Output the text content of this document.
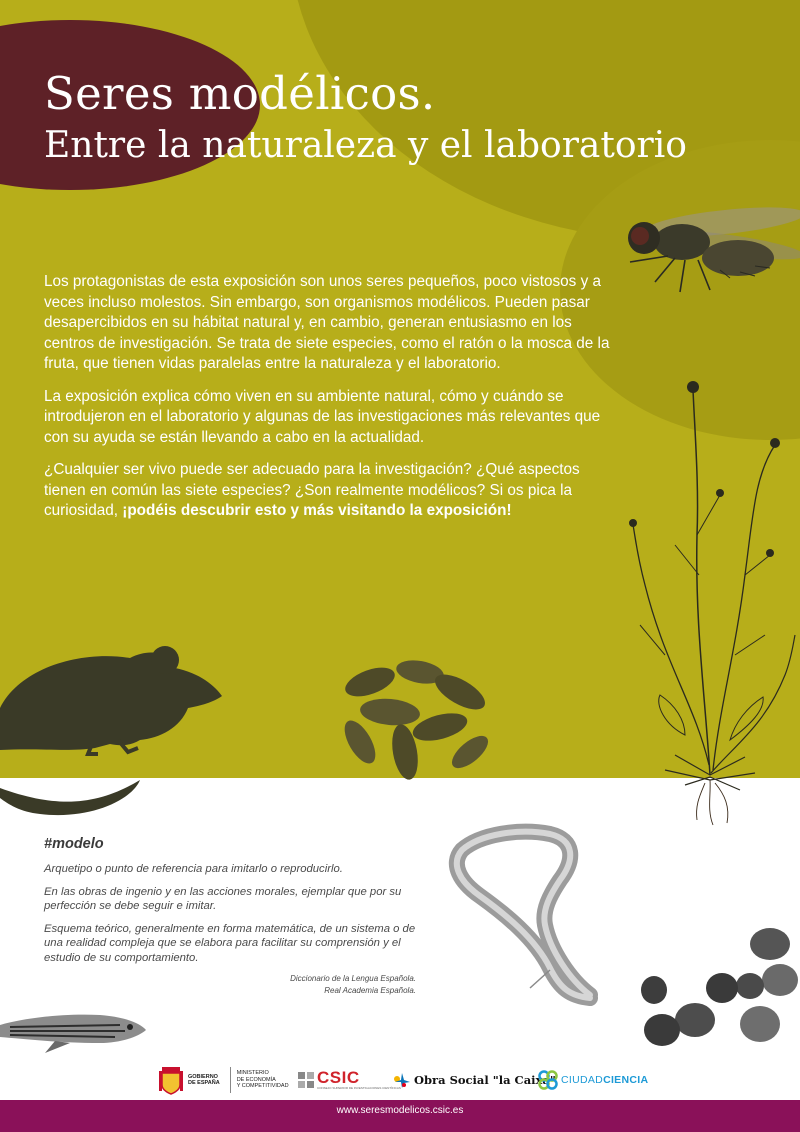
Seres modélicos.
Entre la naturaleza y el laboratorio

Los protagonistas de esta exposición son unos seres pequeños, poco vistosos y a veces incluso molestos. Sin embargo, son organismos modélicos. Pueden pasar desapercibidos en su hábitat natural y, en cambio, generan entusiasmo en los centros de investigación. Se trata de siete especies, como el ratón o la mosca de la fruta, que tienen vidas paralelas entre la naturaleza y el laboratorio.

La exposición explica cómo viven en su ambiente natural, cómo y cuándo se introdujeron en el laboratorio y algunas de las investigaciones más relevantes que con su ayuda se están llevando a cabo en la actualidad.

¿Cualquier ser vivo puede ser adecuado para la investigación? ¿Qué aspectos tienen en común las siete especies? ¿Son realmente modélicos? Si os pica la curiosidad, ¡podéis descubrir esto y más visitando la exposición!

#modelo

Arquetipo o punto de referencia para imitarlo o reproducirlo.

En las obras de ingenio y en las acciones morales, ejemplar que por su perfección se debe seguir e imitar.

Esquema teórico, generalmente en forma matemática, de un sistema o de una realidad compleja que se elabora para facilitar su comprensión y el estudio de su comportamiento.

Diccionario de la Lengua Española.
Real Academia Española.
GOBIERNO
DE ESPAÑA
MINISTERIO
DE ECONOMÍA
Y COMPETITIVIDAD CSIC
CONSEJO SUPERIOR DE INVESTIGACIONES CIENTÍFICAS
Obra Social "la Caixa" CIUDADCIENCIA
www.seresmodelicos.csic.es
